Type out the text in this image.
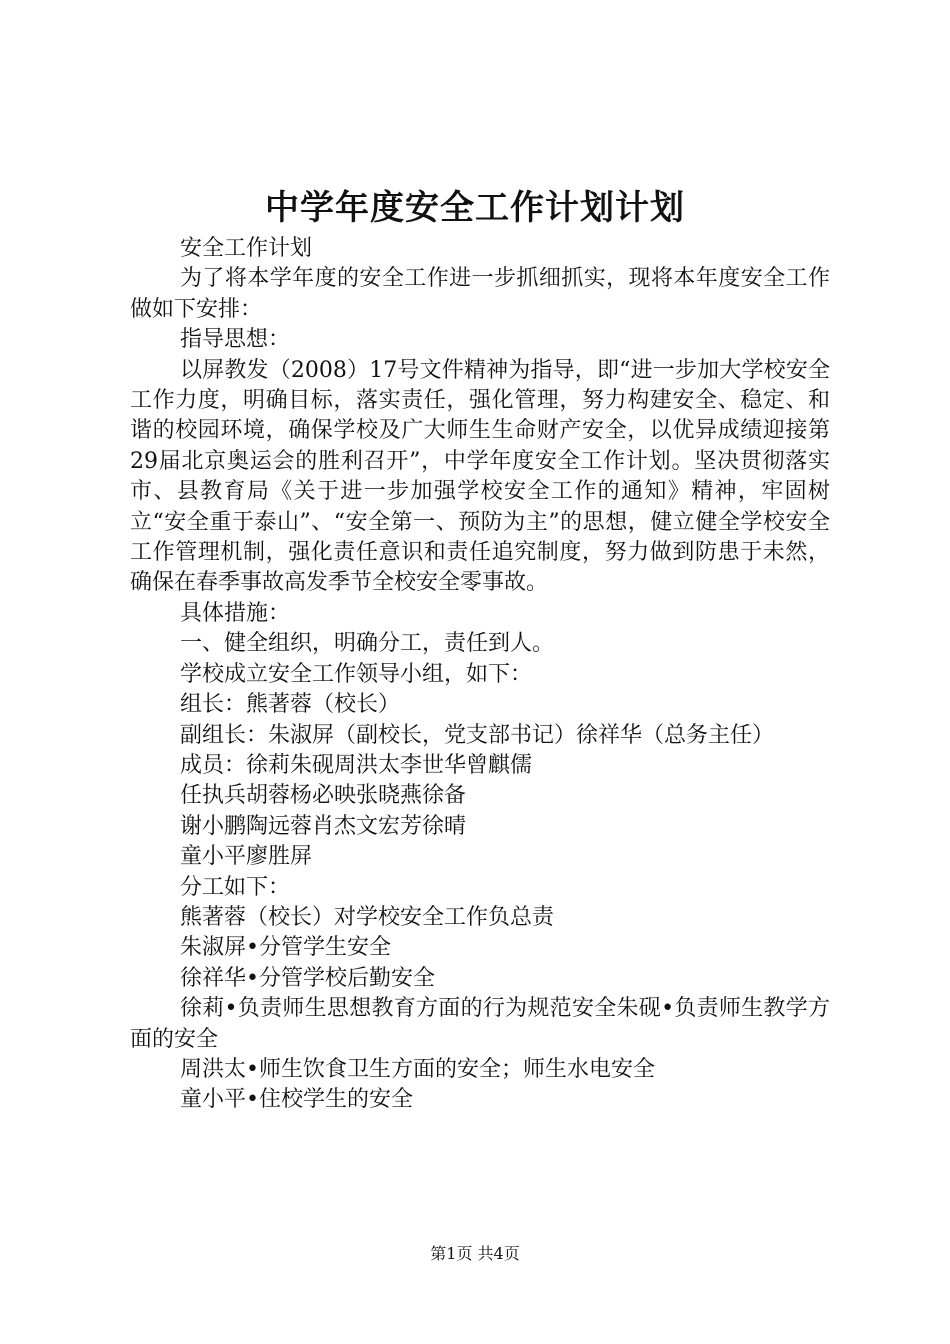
中学年度安全工作计划计划

安全工作计划

为了将本学年度的安全工作进一步抓细抓实，现将本年度安全工作做如下安排：

指导思想：

以屏教发（2008）17号文件精神为指导，即“进一步加大学校安全工作力度，明确目标，落实责任，强化管理，努力构建安全、稳定、和谐的校园环境，确保学校及广大师生生命财产安全，以优异成绩迎接第29届北京奥运会的胜利召开”，中学年度安全工作计划。坚决贯彻落实市、县教育局《关于进一步加强学校安全工作的通知》精神，牢固树立“安全重于泰山”、“安全第一、预防为主”的思想，健立健全学校安全工作管理机制，强化责任意识和责任追究制度，努力做到防患于未然，确保在春季事故高发季节全校安全零事故。

具体措施：

一、健全组织，明确分工，责任到人。

学校成立安全工作领导小组，如下：

组长：熊著蓉（校长）

副组长：朱淑屏（副校长，党支部书记）徐祥华（总务主任）

成员：徐莉朱砚周洪太李世华曾麒儒

任执兵胡蓉杨必映张晓燕徐备

谢小鹏陶远蓉肖杰文宏芳徐晴

童小平廖胜屏

分工如下：

熊著蓉（校长）对学校安全工作负总责

朱淑屏•分管学生安全

徐祥华•分管学校后勤安全

徐莉•负责师生思想教育方面的行为规范安全朱砚•负责师生教学方面的安全

周洪太•师生饮食卫生方面的安全；师生水电安全

童小平•住校学生的安全

第1页 共4页
